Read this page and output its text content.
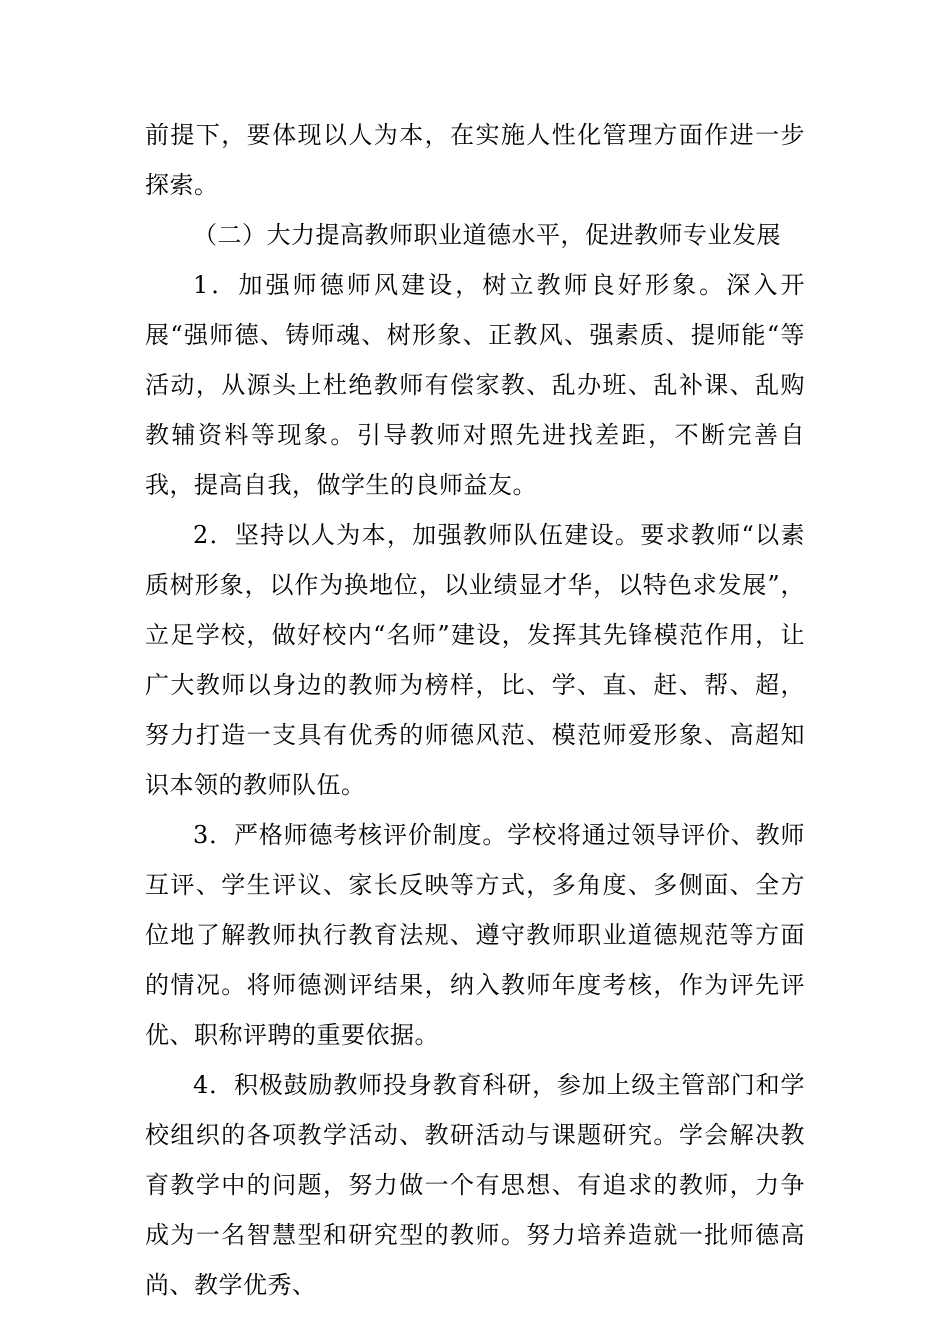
前提下，要体现以人为本，在实施人性化管理方面作进一步探索。

（二）大力提高教师职业道德水平，促进教师专业发展

1．加强师德师风建设，树立教师良好形象。深入开展“强师德、铸师魂、树形象、正教风、强素质、提师能“等活动，从源头上杜绝教师有偿家教、乱办班、乱补课、乱购教辅资料等现象。引导教师对照先进找差距，不断完善自我，提高自我，做学生的良师益友。

2．坚持以人为本，加强教师队伍建设。要求教师“以素质树形象，以作为换地位，以业绩显才华，以特色求发展”，立足学校，做好校内“名师”建设，发挥其先锋模范作用，让广大教师以身边的教师为榜样，比、学、直、赶、帮、超，努力打造一支具有优秀的师德风范、模范师爱形象、高超知识本领的教师队伍。

3．严格师德考核评价制度。学校将通过领导评价、教师互评、学生评议、家长反映等方式，多角度、多侧面、全方位地了解教师执行教育法规、遵守教师职业道德规范等方面的情况。将师德测评结果，纳入教师年度考核，作为评先评优、职称评聘的重要依据。

4．积极鼓励教师投身教育科研，参加上级主管部门和学校组织的各项教学活动、教研活动与课题研究。学会解决教育教学中的问题，努力做一个有思想、有追求的教师，力争成为一名智慧型和研究型的教师。努力培养造就一批师德高尚、教学优秀、
